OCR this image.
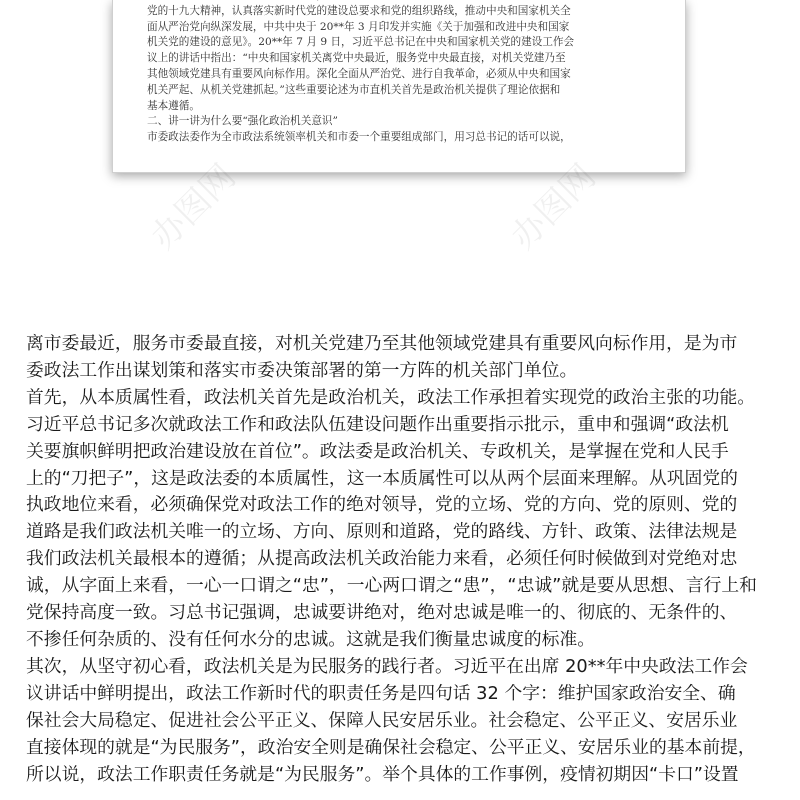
党的十九大精神，认真落实新时代党的建设总要求和党的组织路线，推动中央和国家机关全

面从严治党向纵深发展，中共中央于 20**年 3 月印发并实施《关于加强和改进中央和国家

机关党的建设的意见》。20**年 7 月 9 日，习近平总书记在中央和国家机关党的建设工作会

议上的讲话中指出：“中央和国家机关离党中央最近，服务党中央最直接，对机关党建乃至

其他领域党建具有重要风向标作用。深化全面从严治党、进行自我革命，必须从中央和国家

机关严起、从机关党建抓起。”这些重要论述为市直机关首先是政治机关提供了理论依据和

基本遵循。

二、讲一讲为什么要“强化政治机关意识”

市委政法委作为全市政法系统领率机关和市委一个重要组成部门，用习总书记的话可以说，

办图网	办图网

离市委最近，服务市委最直接，对机关党建乃至其他领域党建具有重要风向标作用，是为市

委政法工作出谋划策和落实市委决策部署的第一方阵的机关部门单位。

首先，从本质属性看，政法机关首先是政治机关，政法工作承担着实现党的政治主张的功能。

习近平总书记多次就政法工作和政法队伍建设问题作出重要指示批示，重申和强调“政法机

关要旗帜鲜明把政治建设放在首位”。政法委是政治机关、专政机关，是掌握在党和人民手

上的“刀把子”，这是政法委的本质属性，这一本质属性可以从两个层面来理解。从巩固党的

执政地位来看，必须确保党对政法工作的绝对领导，党的立场、党的方向、党的原则、党的

道路是我们政法机关唯一的立场、方向、原则和道路，党的路线、方针、政策、法律法规是

我们政法机关最根本的遵循；从提高政法机关政治能力来看，必须任何时候做到对党绝对忠

诚，从字面上来看，一心一口谓之“忠”，一心两口谓之“患”，“忠诚”就是要从思想、言行上和

党保持高度一致。习总书记强调，忠诚要讲绝对，绝对忠诚是唯一的、彻底的、无条件的、

不掺任何杂质的、没有任何水分的忠诚。这就是我们衡量忠诚度的标准。

其次，从坚守初心看，政法机关是为民服务的践行者。习近平在出席 20**年中央政法工作会

议讲话中鲜明提出，政法工作新时代的职责任务是四句话 32 个字：维护国家政治安全、确

保社会大局稳定、促进社会公平正义、保障人民安居乐业。社会稳定、公平正义、安居乐业

直接体现的就是“为民服务”，政治安全则是确保社会稳定、公平正义、安居乐业的基本前提，

所以说，政法工作职责任务就是“为民服务”。举个具体的工作事例，疫情初期因“卡口”设置
